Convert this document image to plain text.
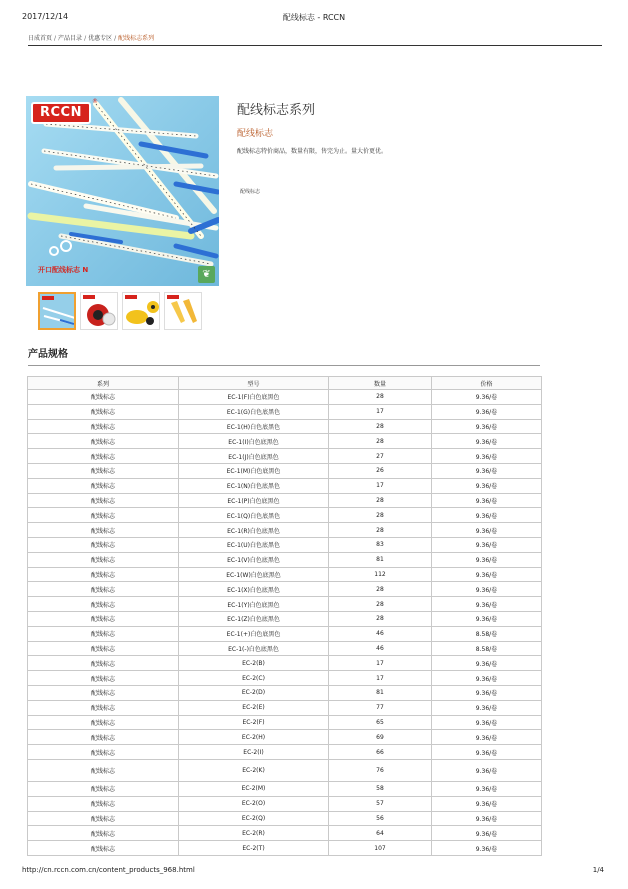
2017/12/14	配线标志 - RCCN
日成首页 / 产品目录 / 优惠专区 / 配线标志系列
RCCN
®
开口配线标志 N	❦
配线标志系列
配线标志
配线标志特价商品，数量有限，售完为止。量大价更优。
配线标志
产品规格
系列	型号	数量	价格
配线标志	EC-1(F)白色底黑色	28	9.36/卷
配线标志	EC-1(G)白色底黑色	17	9.36/卷
配线标志	EC-1(H)白色底黑色	28	9.36/卷
配线标志	EC-1(I)白色底黑色	28	9.36/卷
配线标志	EC-1(J)白色底黑色	27	9.36/卷
配线标志	EC-1(M)白色底黑色	26	9.36/卷
配线标志	EC-1(N)白色底黑色	17	9.36/卷
配线标志	EC-1(P)白色底黑色	28	9.36/卷
配线标志	EC-1(Q)白色底黑色	28	9.36/卷
配线标志	EC-1(R)白色底黑色	28	9.36/卷
配线标志	EC-1(U)白色底黑色	83	9.36/卷
配线标志	EC-1(V)白色底黑色	81	9.36/卷
配线标志	EC-1(W)白色底黑色	112	9.36/卷
配线标志	EC-1(X)白色底黑色	28	9.36/卷
配线标志	EC-1(Y)白色底黑色	28	9.36/卷
配线标志	EC-1(Z)白色底黑色	28	9.36/卷
配线标志	EC-1(+)白色底黑色	46	8.58/卷
配线标志	EC-1(-)白色底黑色	46	8.58/卷
配线标志	EC-2(B)	17	9.36/卷
配线标志	EC-2(C)	17	9.36/卷
配线标志	EC-2(D)	81	9.36/卷
配线标志	EC-2(E)	77	9.36/卷
配线标志	EC-2(F)	65	9.36/卷
配线标志	EC-2(H)	69	9.36/卷
配线标志	EC-2(I)	66	9.36/卷
配线标志	EC-2(K)	76	9.36/卷
配线标志	EC-2(M)	58	9.36/卷
配线标志	EC-2(O)	57	9.36/卷
配线标志	EC-2(Q)	56	9.36/卷
配线标志	EC-2(R)	64	9.36/卷
配线标志	EC-2(T)	107	9.36/卷
http://cn.rccn.com.cn/content_products_968.html	1/4
